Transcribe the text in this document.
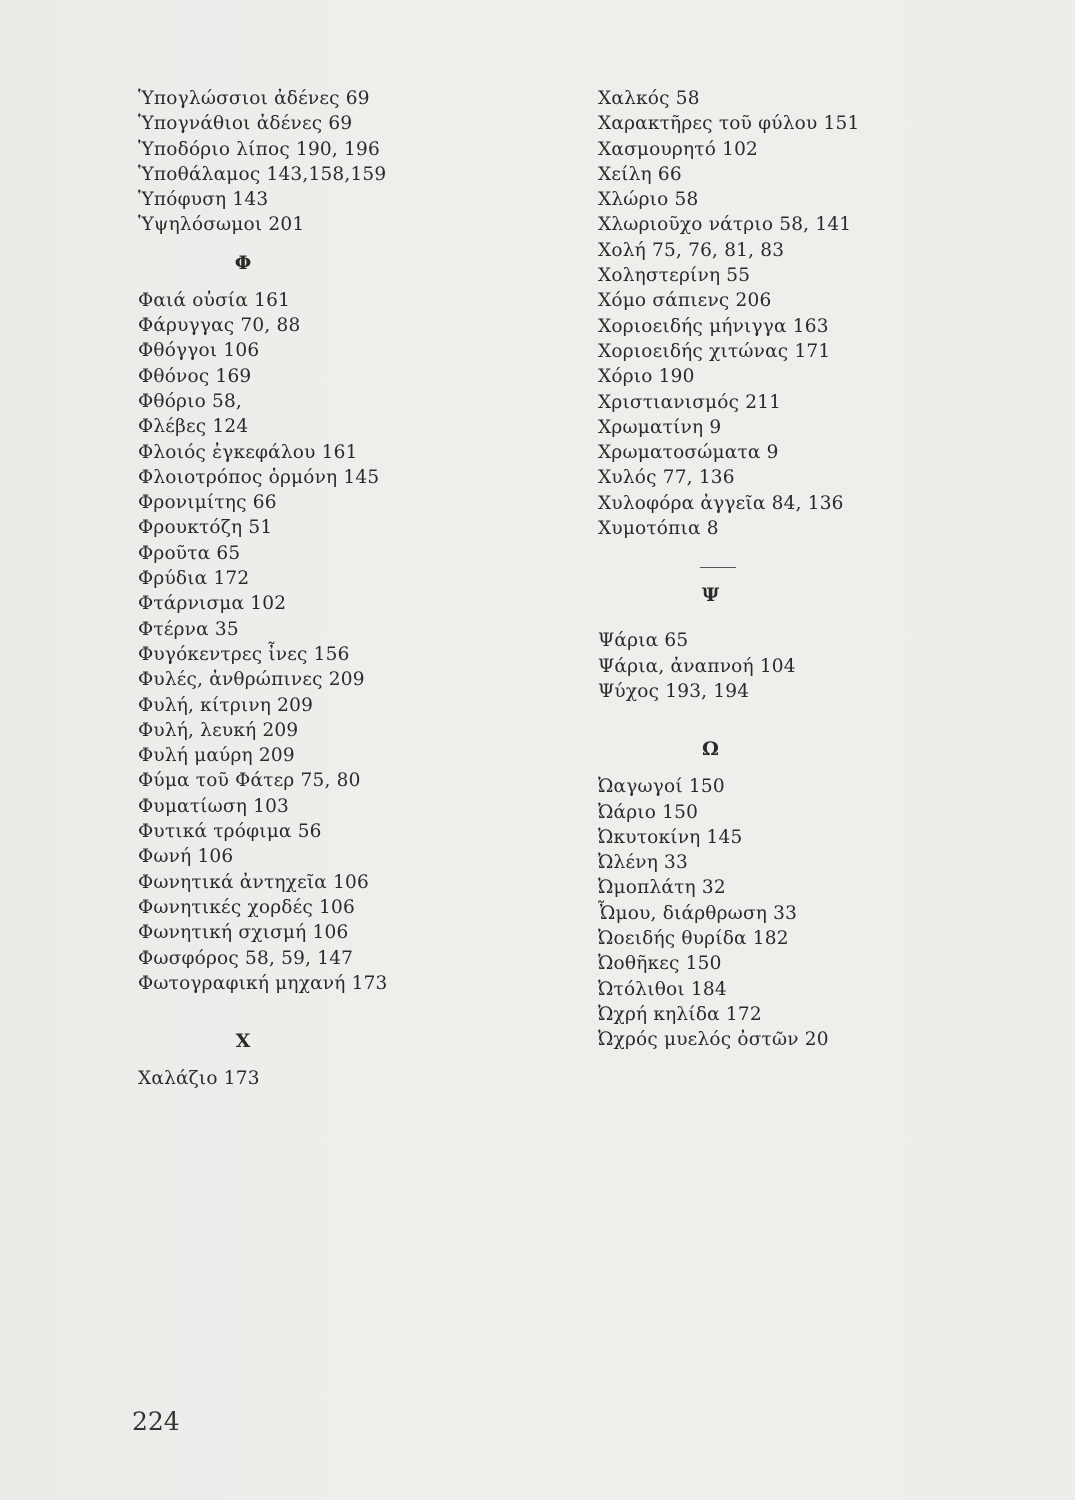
Ὑπογλώσσιοι ἀδένες 69
Ὑπογνάθιοι ἀδένες 69
Ὑποδόριο λίπος 190, 196
Ὑποθάλαμος 143,158,159
Ὑπόφυση 143
Ὑψηλόσωμοι 201
Φ
Φαιά οὐσία 161
Φάρυγγας 70, 88
Φθόγγοι 106
Φθόνος 169
Φθόριο 58,
Φλέβες 124
Φλοιός ἐγκεφάλου 161
Φλοιοτρόπος ὁρμόνη 145
Φρονιμίτης 66
Φρουκτόζη 51
Φροῦτα 65
Φρύδια 172
Φτάρνισμα 102
Φτέρνα 35
Φυγόκεντρες ἶνες 156
Φυλές, ἀνθρώπινες 209
Φυλή, κίτρινη 209
Φυλή, λευκή 209
Φυλή μαύρη 209
Φύμα τοῦ Φάτερ 75, 80
Φυματίωση 103
Φυτικά τρόφιμα 56
Φωνή 106
Φωνητικά ἀντηχεῖα 106
Φωνητικές χορδές 106
Φωνητική σχισμή 106
Φωσφόρος 58, 59, 147
Φωτογραφική μηχανή 173
Χ
Χαλάζιο 173
Χαλκός 58
Χαρακτῆρες τοῦ φύλου 151
Χασμουρητό 102
Χείλη 66
Χλώριο 58
Χλωριοῦχο νάτριο 58, 141
Χολή 75, 76, 81, 83
Χοληστερίνη 55
Χόμο σάπιενς 206
Χοριοειδής μήνιγγα 163
Χοριοειδής χιτώνας 171
Χόριο 190
Χριστιανισμός 211
Χρωματίνη 9
Χρωματοσώματα 9
Χυλός 77, 136
Χυλοφόρα ἀγγεῖα 84, 136
Χυμοτόπια 8
Ψ
Ψάρια 65
Ψάρια, ἀναπνοή 104
Ψύχος 193, 194
Ω
Ὠαγωγοί 150
Ὠάριο 150
Ὠκυτοκίνη 145
Ὠλένη 33
Ὠμοπλάτη 32
Ὦμου, διάρθρωση 33
Ὠοειδής θυρίδα 182
Ὠοθῆκες 150
Ὠτόλιθοι 184
Ὠχρή κηλίδα 172
Ὠχρός μυελός ὀστῶν 20
224
